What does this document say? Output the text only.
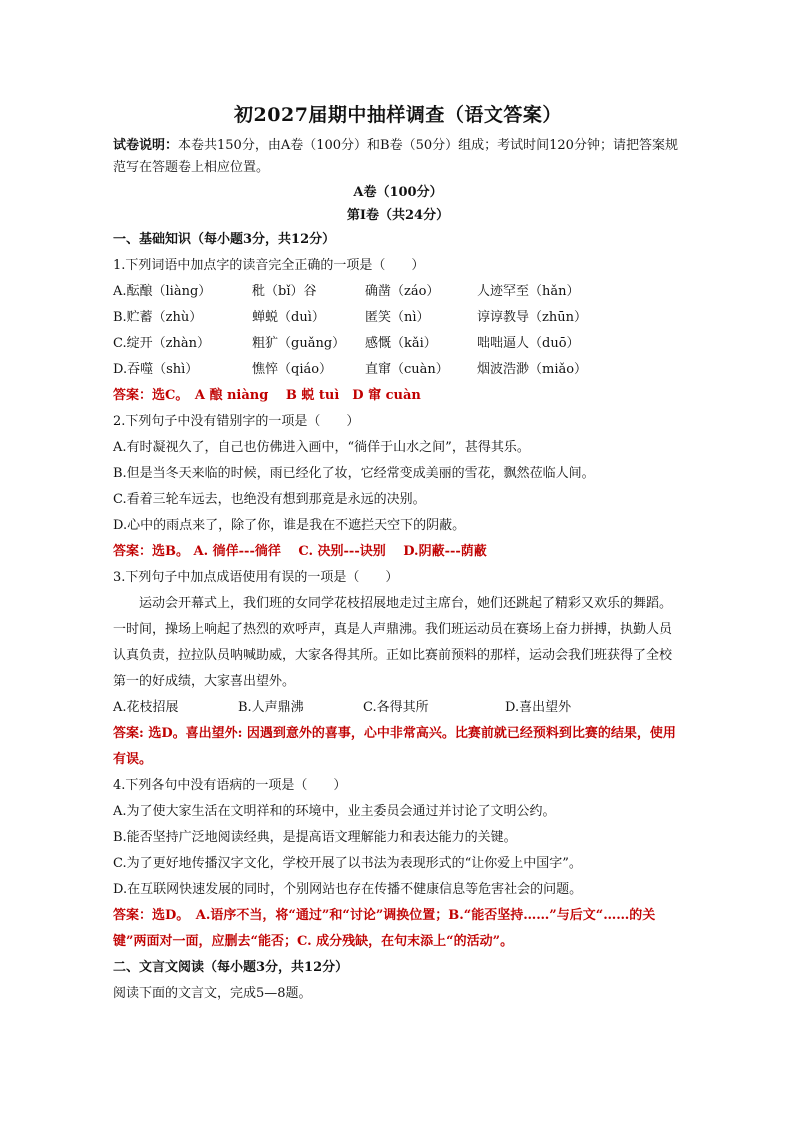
初2027届期中抽样调查（语文答案）

试卷说明：本卷共150分，由A卷（100分）和B卷（50分）组成；考试时间120分钟；请把答案规范写在答题卷上相应位置。

A卷（100分）

第Ⅰ卷（共24分）

一、基础知识（每小题3分，共12分）

1.下列词语中加点字的读音完全正确的一项是（　　）

A.酝酿（liàng）	秕（bǐ）谷	确凿（záo）	人迹罕至（hǎn）
B.贮蓄（zhù）	蝉蜕（duì）	匿笑（nì）	谆谆教导（zhūn）
C.绽开（zhàn）	粗犷（guǎng）	感慨（kǎi）	咄咄逼人（duō）
D.吞噬（shì）	憔悴（qiáo）	直窜（cuàn）	烟波浩渺（miǎo）

答案：选C。　A 酿 niàng　 B 蜕 tuì　D 窜 cuàn

2.下列句子中没有错别字的一项是（　　）

A.有时凝视久了，自己也仿佛进入画中，“徜佯于山水之间”，甚得其乐。

B.但是当冬天来临的时候，雨已经化了妆，它经常变成美丽的雪花，飘然莅临人间。

C.看着三轮车远去，也绝没有想到那竟是永远的决别。

D.心中的雨点来了，除了你，谁是我在不遮拦天空下的阴蔽。

答案：选B。 A. 徜佯---徜徉　 C. 决别---诀别　 D.阴蔽---荫蔽

3.下列句子中加点成语使用有误的一项是（　　）

运动会开幕式上，我们班的女同学花枝招展地走过主席台，她们还跳起了精彩又欢乐的舞蹈。一时间，操场上响起了热烈的欢呼声，真是人声鼎沸。我们班运动员在赛场上奋力拼搏，执勤人员认真负责，拉拉队员呐喊助威，大家各得其所。正如比赛前预料的那样，运动会我们班获得了全校第一的好成绩，大家喜出望外。

A.花枝招展	B.人声鼎沸	C.各得其所	D.喜出望外

答案: 选D。喜出望外: 因遇到意外的喜事，心中非常高兴。比赛前就已经预料到比赛的结果，使用有误。

4.下列各句中没有语病的一项是（　　）

A.为了使大家生活在文明祥和的环境中，业主委员会通过并讨论了文明公约。

B.能否坚持广泛地阅读经典，是提高语文理解能力和表达能力的关键。

C.为了更好地传播汉字文化，学校开展了以书法为表现形式的“让你爱上中国字”。

D.在互联网快速发展的同时，个别网站也存在传播不健康信息等危害社会的问题。

答案：选D。　A.语序不当，将“通过”和“讨论”调换位置；B.“能否坚持……”与后文“……的关键”两面对一面，应删去“能否；C. 成分残缺，在句末添上“的活动”。

二、文言文阅读（每小题3分，共12分）

阅读下面的文言文，完成5—8题。
